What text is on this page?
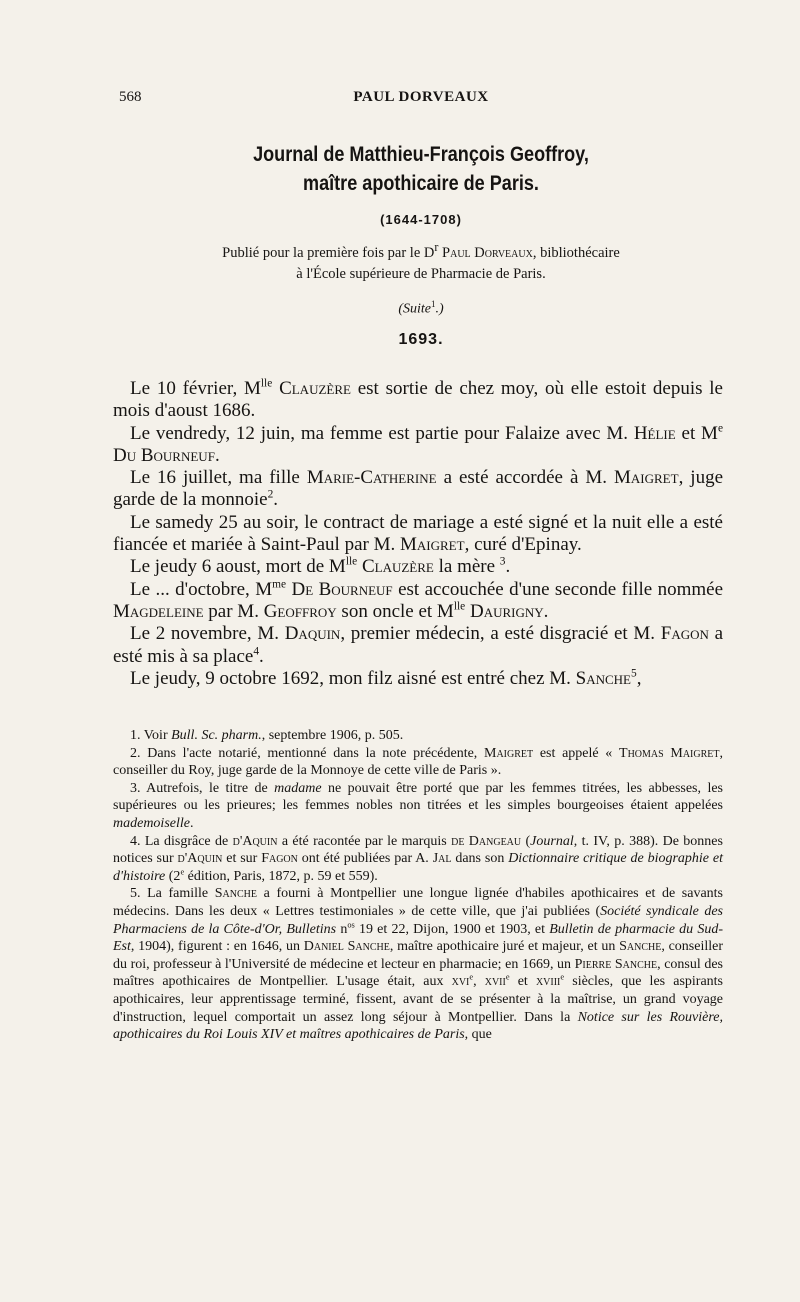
568	PAUL DORVEAUX
Journal de Matthieu-François Geoffroy,
maître apothicaire de Paris.
(1644-1708)
Publié pour la première fois par le $D^r$ Paul Dorveaux, bibliothécaire
à l'École supérieure de Pharmacie de Paris.
(Suite$^1$.)
1693.

Le 10 février, $M^{lle}$ Clauzère est sortie de chez moy, où elle estoit depuis le mois d'aoust 1686.

Le vendredy, 12 juin, ma femme est partie pour Falaize avec M. Hélie et Me Du Bourneuf.

Le 16 juillet, ma fille Marie-Catherine a esté accordée à M. Maigret, juge garde de la monnoie$^2$.

Le samedy 25 au soir, le contract de mariage a esté signé et la nuit elle a esté fiancée et mariée à Saint-Paul par M. Maigret, curé d'Epinay.

Le jeudy 6 aoust, mort de $M^{lle}$ Clauzère la mère $^3$.

Le ... d'octobre, $M^{me}$ De Bourneuf est accouchée d'une seconde fille nommée Magdeleine par M. Geoffroy son oncle et $M^{lle}$ Daurigny.

Le 2 novembre, M. Daquin, premier médecin, a esté disgracié et M. Fagon a esté mis à sa place$^4$.

Le jeudy, 9 octobre 1692, mon filz aisné est entré chez M. Sanche$^5$,

1. Voir Bull. Sc. pharm., septembre 1906, p. 505.

2. Dans l'acte notarié, mentionné dans la note précédente, Maigret est appelé « Thomas Maigret, conseiller du Roy, juge garde de la Monnoye de cette ville de Paris ».

3. Autrefois, le titre de madame ne pouvait être porté que par les femmes titrées, les abbesses, les supérieures ou les prieures; les femmes nobles non titrées et les simples bourgeoises étaient appelées mademoiselle.

4. La disgrâce de d'Aquin a été racontée par le marquis de Dangeau (Journal, t. IV, p. 388). De bonnes notices sur d'Aquin et sur Fagon ont été publiées par A. Jal dans son Dictionnaire critique de biographie et d'histoire (2e édition, Paris, 1872, p. 59 et 559).

5. La famille Sanche a fourni à Montpellier une longue lignée d'habiles apothicaires et de savants médecins. Dans les deux « Lettres testimoniales » de cette ville, que j'ai publiées (Société syndicale des Pharmaciens de la Côte-d'Or, Bulletins $n^{os}$ 19 et 22, Dijon, 1900 et 1903, et Bulletin de pharmacie du Sud-Est, 1904), figurent : en 1646, un Daniel Sanche, maître apothicaire juré et majeur, et un Sanche, conseiller du roi, professeur à l'Université de médecine et lecteur en pharmacie; en 1669, un Pierre Sanche, consul des maîtres apothicaires de Montpellier. L'usage était, aux xvi$^e$, xvii$^e$ et xviii$^e$ siècles, que les aspirants apothicaires, leur apprentissage terminé, fissent, avant de se présenter à la maîtrise, un grand voyage d'instruction, lequel comportait un assez long séjour à Montpellier. Dans la Notice sur les Rouvière, apothicaires du Roi Louis XIV et maîtres apothicaires de Paris, que
